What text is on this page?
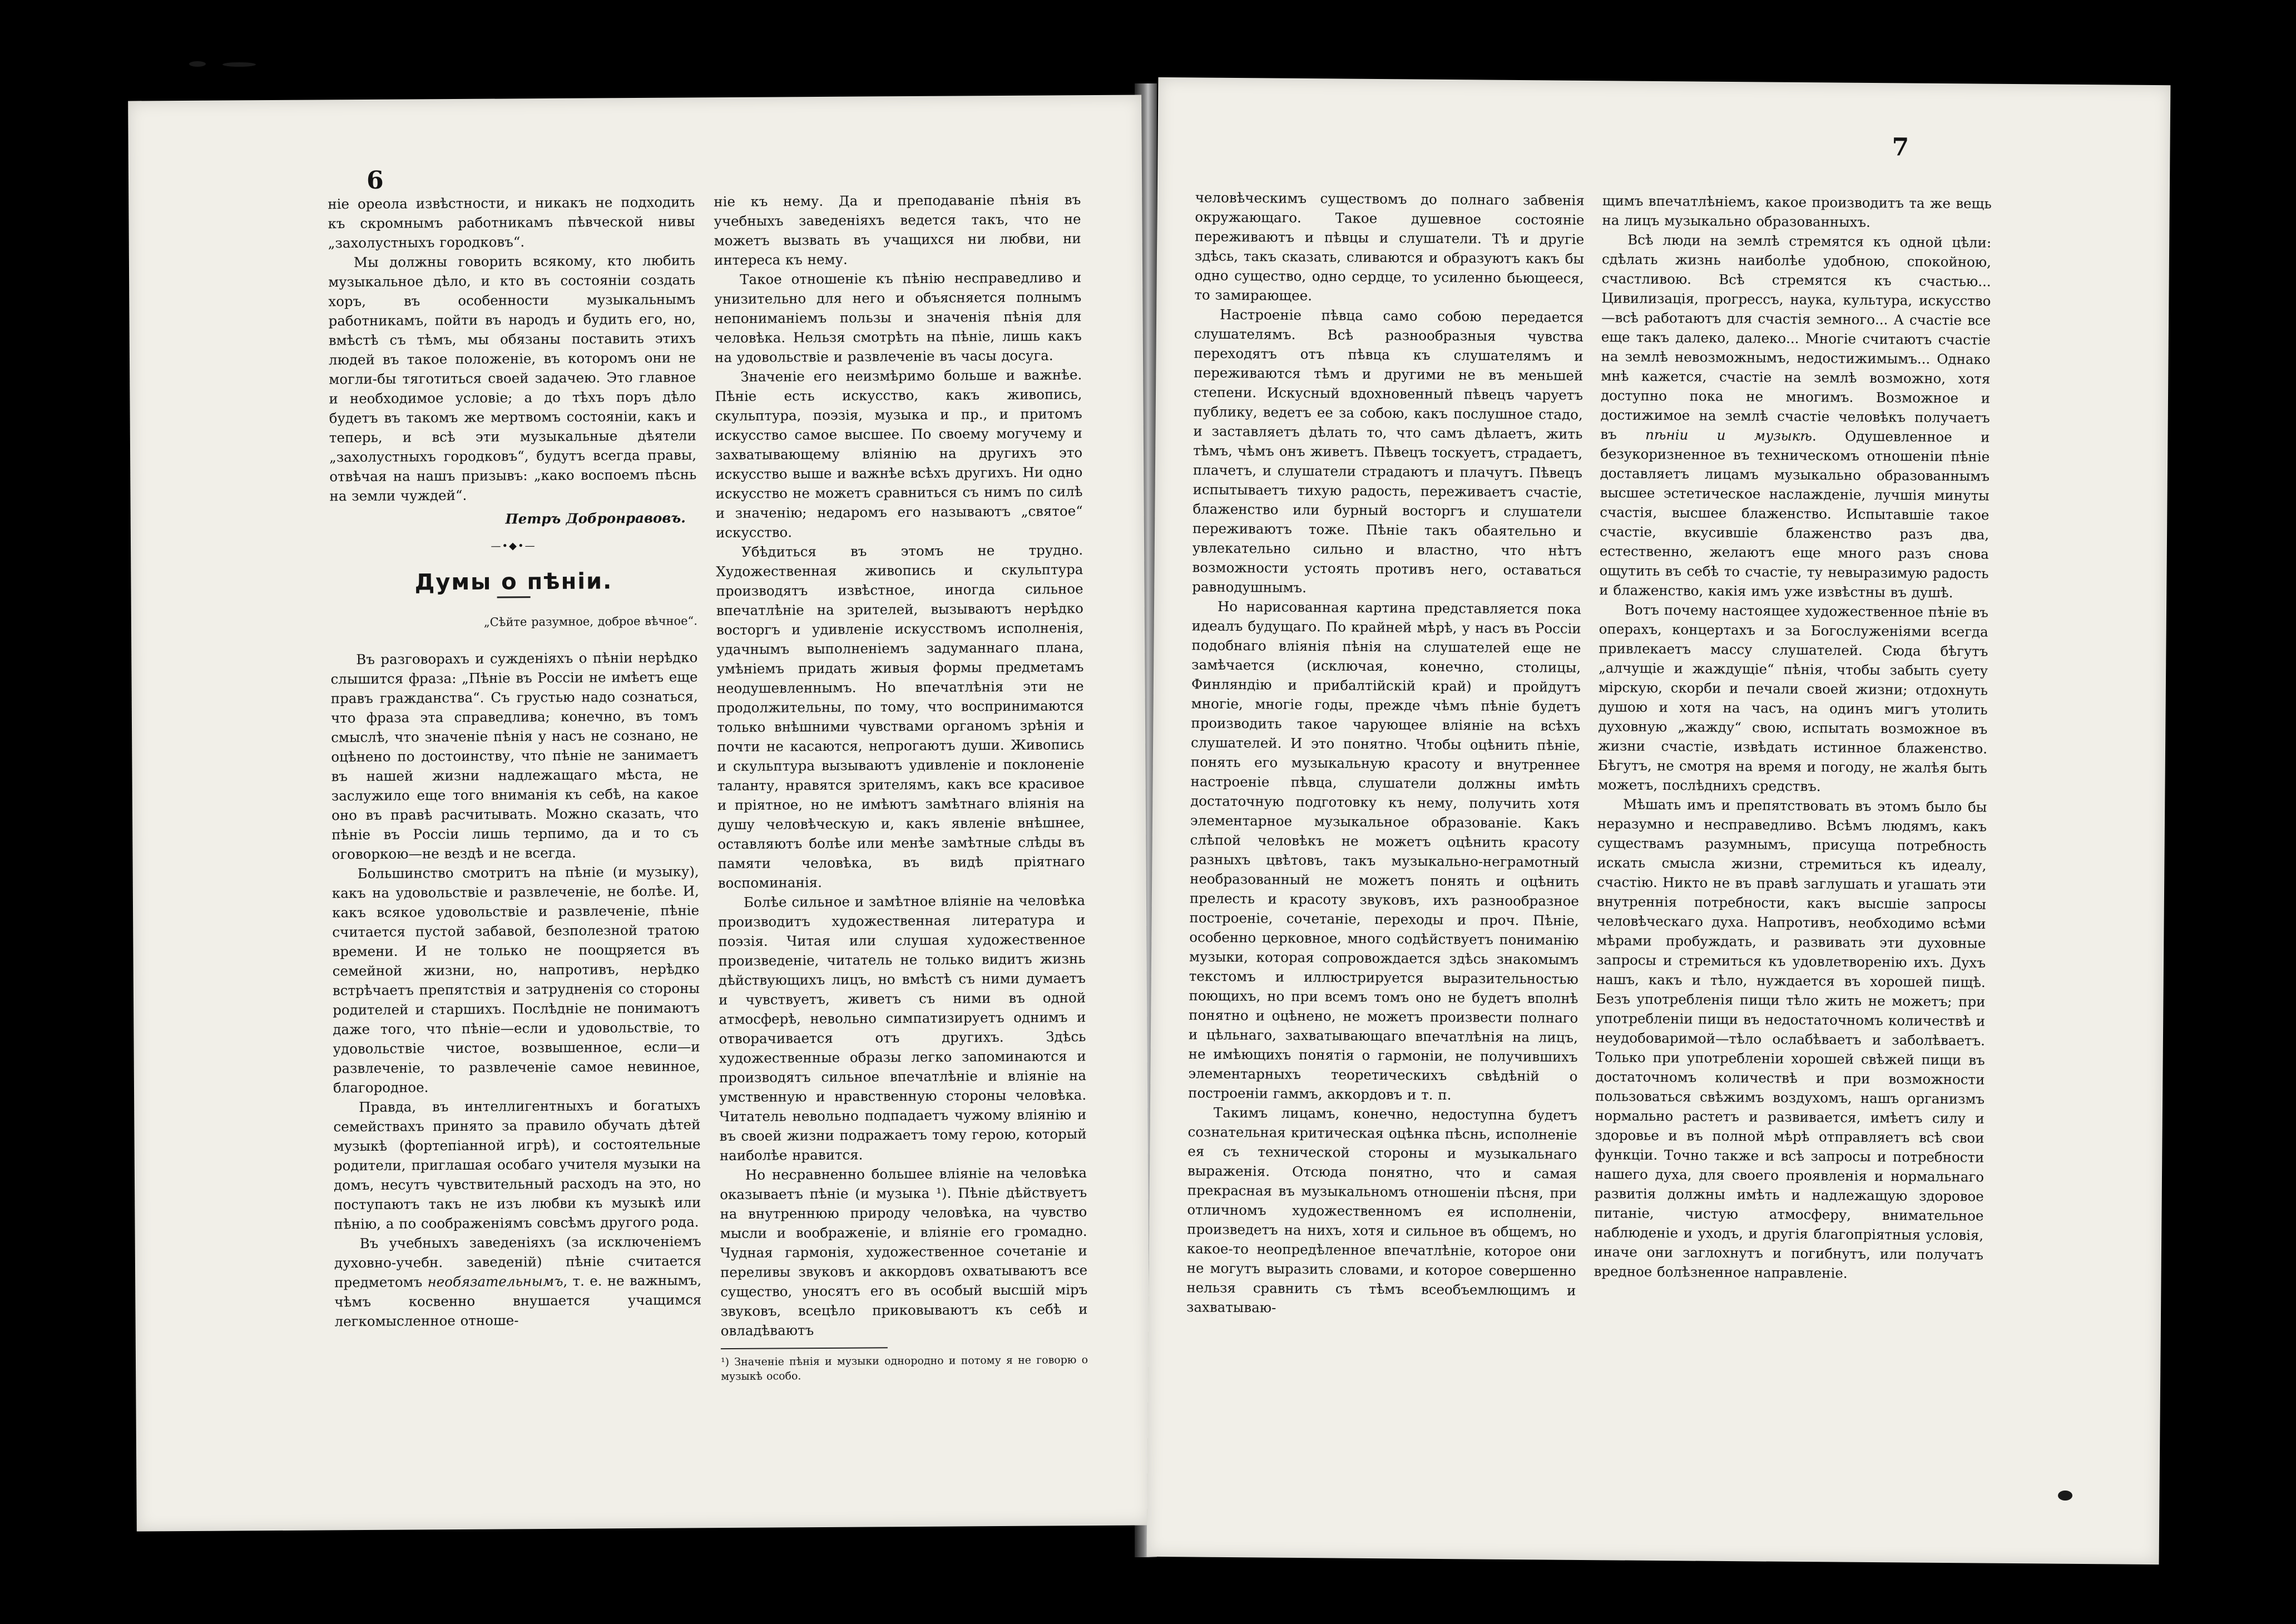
6

ніе ореола извѣстности, и никакъ не подходить къ скромнымъ работникамъ пѣвческой нивы „захолустныхъ городковъ“.

Мы должны говорить всякому, кто любить музыкальное дѣло, и кто въ состояніи создать хоръ, въ особенности музыкальнымъ работникамъ, пойти въ народъ и будить его, но, вмѣстѣ съ тѣмъ, мы обязаны поставить этихъ людей въ такое положеніе, въ которомъ они не могли-бы тяготиться своей задачею. Это главное и необходимое условіе; а до тѣхъ поръ дѣло будетъ въ такомъ же мертвомъ состояніи, какъ и теперь, и всѣ эти музыкальные дѣятели „захолустныхъ городковъ“, будутъ всегда правы, отвѣчая на нашъ призывъ: „како воспоемъ пѣснь на земли чуждей“.

Петръ Добронравовъ.
—•◆•—
Думы о пѣніи.
„Сѣйте разумное, доброе вѣчное“.

Въ разговорахъ и сужденіяхъ о пѣніи нерѣдко слышится фраза: „Пѣніе въ Россіи не имѣетъ еще правъ гражданства“. Съ грустью надо сознаться, что фраза эта справедлива; конечно, въ томъ смыслѣ, что значеніе пѣнія у насъ не сознано, не оцѣнено по достоинству, что пѣніе не занимаетъ въ нашей жизни надлежащаго мѣста, не заслужило еще того вниманія къ себѣ, на какое оно въ правѣ расчитывать. Можно сказать, что пѣніе въ Россіи лишь терпимо, да и то съ оговоркою—не вездѣ и не всегда.

Большинство смотритъ на пѣніе (и музыку), какъ на удовольствіе и развлеченіе, не болѣе. И, какъ всякое удовольствіе и развлеченіе, пѣніе считается пустой забавой, безполезной тратою времени. И не только не поощряется въ семейной жизни, но, напротивъ, нерѣдко встрѣчаетъ препятствія и затрудненія со стороны родителей и старшихъ. Послѣдніе не понимаютъ даже того, что пѣніе—если и удовольствіе, то удовольствіе чистое, возвышенное, если—и развлеченіе, то развлеченіе самое невинное, благородное.

Правда, въ интеллигентныхъ и богатыхъ семействахъ принято за правило обучать дѣтей музыкѣ (фортепіанной игрѣ), и состоятельные родители, приглашая особаго учителя музыки на домъ, несутъ чувствительный расходъ на это, но поступаютъ такъ не изъ любви къ музыкѣ или пѣнію, а по соображеніямъ совсѣмъ другого рода.

Въ учебныхъ заведеніяхъ (за исключеніемъ духовно-учебн. заведеній) пѣніе считается предметомъ необязательнымъ, т. е. не важнымъ, чѣмъ косвенно внушается учащимся легкомысленное отноше-

ніе къ нему. Да и преподаваніе пѣнія въ учебныхъ заведеніяхъ ведется такъ, что не можетъ вызвать въ учащихся ни любви, ни интереса къ нему.

Такое отношеніе къ пѣнію несправедливо и унизительно для него и объясняется полнымъ непониманіемъ пользы и значенія пѣнія для человѣка. Нельзя смотрѣть на пѣніе, лишь какъ на удовольствіе и развлеченіе въ часы досуга.

Значеніе его неизмѣримо больше и важнѣе. Пѣніе есть искусство, какъ живопись, скульптура, поэзія, музыка и пр., и притомъ искусство самое высшее. По своему могучему и захватывающему вліянію на другихъ это искусство выше и важнѣе всѣхъ другихъ. Ни одно искусство не можетъ сравниться съ нимъ по силѣ и значенію; недаромъ его называютъ „святое“ искусство.

Убѣдиться въ этомъ не трудно. Художественная живопись и скульптура производятъ извѣстное, иногда сильное впечатлѣніе на зрителей, вызываютъ нерѣдко восторгъ и удивленіе искусствомъ исполненія, удачнымъ выполненіемъ задуманнаго плана, умѣніемъ придать живыя формы предметамъ неодушевленнымъ. Но впечатлѣнія эти не продолжительны, по тому, что воспринимаются только внѣшними чувствами органомъ зрѣнія и почти не касаются, непрогаютъ души. Живопись и скульптура вызываютъ удивленіе и поклоненіе таланту, нравятся зрителямъ, какъ все красивое и пріятное, но не имѣютъ замѣтнаго вліянія на душу человѣческую и, какъ явленіе внѣшнее, оставляютъ болѣе или менѣе замѣтные слѣды въ памяти человѣка, въ видѣ пріятнаго воспоминанія.

Болѣе сильное и замѣтное вліяніе на человѣка производитъ художественная литература и поэзія. Читая или слушая художественное произведеніе, читатель не только видитъ жизнь дѣйствующихъ лицъ, но вмѣстѣ съ ними думаетъ и чувствуетъ, живетъ съ ними въ одной атмосферѣ, невольно симпатизируетъ однимъ и отворачивается отъ другихъ. Здѣсь художественные образы легко запоминаются и производятъ сильное впечатлѣніе и вліяніе на умственную и нравственную стороны человѣка. Читатель невольно подпадаетъ чужому вліянію и въ своей жизни подражаетъ тому герою, который наиболѣе нравится.

Но несравненно большее вліяніе на человѣка оказываетъ пѣніе (и музыка ¹). Пѣніе дѣйствуетъ на внутреннюю природу человѣка, на чувство мысли и воображеніе, и вліяніе его громадно. Чудная гармонія, художественное сочетаніе и переливы звуковъ и аккордовъ охватываютъ все существо, уносятъ его въ особый высшій міръ звуковъ, всецѣло приковываютъ къ себѣ и овладѣваютъ

¹) Значеніе пѣнія и музыки однородно и потому я не говорю о музыкѣ особо.

7

человѣческимъ существомъ до полнаго забвенія окружающаго. Такое душевное состояніе переживаютъ и пѣвцы и слушатели. Тѣ и другіе здѣсь, такъ сказать, сливаются и образуютъ какъ бы одно существо, одно сердце, то усиленно бьющееся, то замирающее.

Настроеніе пѣвца само собою передается слушателямъ. Всѣ разнообразныя чувства переходятъ отъ пѣвца къ слушателямъ и переживаются тѣмъ и другими не въ меньшей степени. Искусный вдохновенный пѣвецъ чаруетъ публику, ведетъ ее за собою, какъ послушное стадо, и заставляетъ дѣлать то, что самъ дѣлаетъ, жить тѣмъ, чѣмъ онъ живетъ. Пѣвецъ тоскуетъ, страдаетъ, плачетъ, и слушатели страдаютъ и плачутъ. Пѣвецъ испытываетъ тихую радость, переживаетъ счастіе, блаженство или бурный восторгъ и слушатели переживаютъ тоже. Пѣніе такъ обаятельно и увлекательно сильно и властно, что нѣтъ возможности устоять противъ него, оставаться равнодушнымъ.

Но нарисованная картина представляется пока идеалъ будущаго. По крайней мѣрѣ, у насъ въ Россіи подобнаго вліянія пѣнія на слушателей еще не замѣчается (исключая, конечно, столицы, Финляндію и прибалтійскій край) и пройдутъ многіе, многіе годы, прежде чѣмъ пѣніе будетъ производить такое чарующее вліяніе на всѣхъ слушателей. И это понятно. Чтобы оцѣнить пѣніе, понять его музыкальную красоту и внутреннее настроеніе пѣвца, слушатели должны имѣть достаточную подготовку къ нему, получить хотя элементарное музыкальное образованіе. Какъ слѣпой человѣкъ не можетъ оцѣнить красоту разныхъ цвѣтовъ, такъ музыкально-неграмотный необразованный не можетъ понять и оцѣнить прелесть и красоту звуковъ, ихъ разнообразное построеніе, сочетаніе, переходы и проч. Пѣніе, особенно церковное, много содѣйствуетъ пониманію музыки, которая сопровождается здѣсь знакомымъ текстомъ и иллюстрируется выразительностью поющихъ, но при всемъ томъ оно не будетъ вполнѣ понятно и оцѣнено, не можетъ произвести полнаго и цѣльнаго, захватывающаго впечатлѣнія на лицъ, не имѣющихъ понятія о гармоніи, не получившихъ элементарныхъ теоретическихъ свѣдѣній о построеніи гаммъ, аккордовъ и т. п.

Такимъ лицамъ, конечно, недоступна будетъ сознательная критическая оцѣнка пѣснь, исполненіе ея съ технической стороны и музыкальнаго выраженія. Отсюда понятно, что и самая прекрасная въ музыкальномъ отношеніи пѣсня, при отличномъ художественномъ ея исполненіи, произведетъ на нихъ, хотя и сильное въ общемъ, но какое-то неопредѣленное впечатлѣніе, которое они не могутъ выразить словами, и которое совершенно нельзя сравнить съ тѣмъ всеобъемлющимъ и захватываю-

щимъ впечатлѣніемъ, какое производитъ та же вещь на лицъ музыкально образованныхъ.

Всѣ люди на землѣ стремятся къ одной цѣли: сдѣлать жизнь наиболѣе удобною, спокойною, счастливою. Всѣ стремятся къ счастью... Цивилизація, прогрессъ, наука, культура, искусство—всѣ работаютъ для счастія земного... А счастіе все еще такъ далеко, далеко... Многіе считаютъ счастіе на землѣ невозможнымъ, недостижимымъ... Однако мнѣ кажется, счастіе на землѣ возможно, хотя доступно пока не многимъ. Возможное и достижимое на землѣ счастіе человѣкъ получаетъ въ пѣніи и музыкѣ. Одушевленное и безукоризненное въ техническомъ отношеніи пѣніе доставляетъ лицамъ музыкально образованнымъ высшее эстетическое наслажденіе, лучшія минуты счастія, высшее блаженство. Испытавшіе такое счастіе, вкусившіе блаженство разъ два, естественно, желаютъ еще много разъ снова ощутить въ себѣ то счастіе, ту невыразимую радость и блаженство, какія имъ уже извѣстны въ душѣ.

Вотъ почему настоящее художественное пѣніе въ операхъ, концертахъ и за Богослуженіями всегда привлекаетъ массу слушателей. Сюда бѣгутъ „алчущіе и жаждущіе“ пѣнія, чтобы забыть суету мірскую, скорби и печали своей жизни; отдохнуть душою и хотя на часъ, на одинъ мигъ утолить духовную „жажду“ свою, испытать возможное въ жизни счастіе, извѣдать истинное блаженство. Бѣгутъ, не смотря на время и погоду, не жалѣя быть можетъ, послѣднихъ средствъ.

Мѣшать имъ и препятствовать въ этомъ было бы неразумно и несправедливо. Всѣмъ людямъ, какъ существамъ разумнымъ, присуща потребность искать смысла жизни, стремиться къ идеалу, счастію. Никто не въ правѣ заглушать и угашать эти внутреннія потребности, какъ высшіе запросы человѣческаго духа. Напротивъ, необходимо всѣми мѣрами пробуждать, и развивать эти духовные запросы и стремиться къ удовлетворенію ихъ. Духъ нашъ, какъ и тѣло, нуждается въ хорошей пищѣ. Безъ употребленія пищи тѣло жить не можетъ; при употребленіи пищи въ недостаточномъ количествѣ и неудобоваримой—тѣло ослабѣваетъ и заболѣваетъ. Только при употребленіи хорошей свѣжей пищи въ достаточномъ количествѣ и при возможности пользоваться свѣжимъ воздухомъ, нашъ организмъ нормально растетъ и развивается, имѣетъ силу и здоровье и въ полной мѣрѣ отправляетъ всѣ свои функціи. Точно также и всѣ запросы и потребности нашего духа, для своего проявленія и нормальнаго развитія должны имѣть и надлежащую здоровое питаніе, чистую атмосферу, внимательное наблюденіе и уходъ, и другія благопріятныя условія, иначе они заглохнутъ и погибнутъ, или получатъ вредное болѣзненное направленіе.
